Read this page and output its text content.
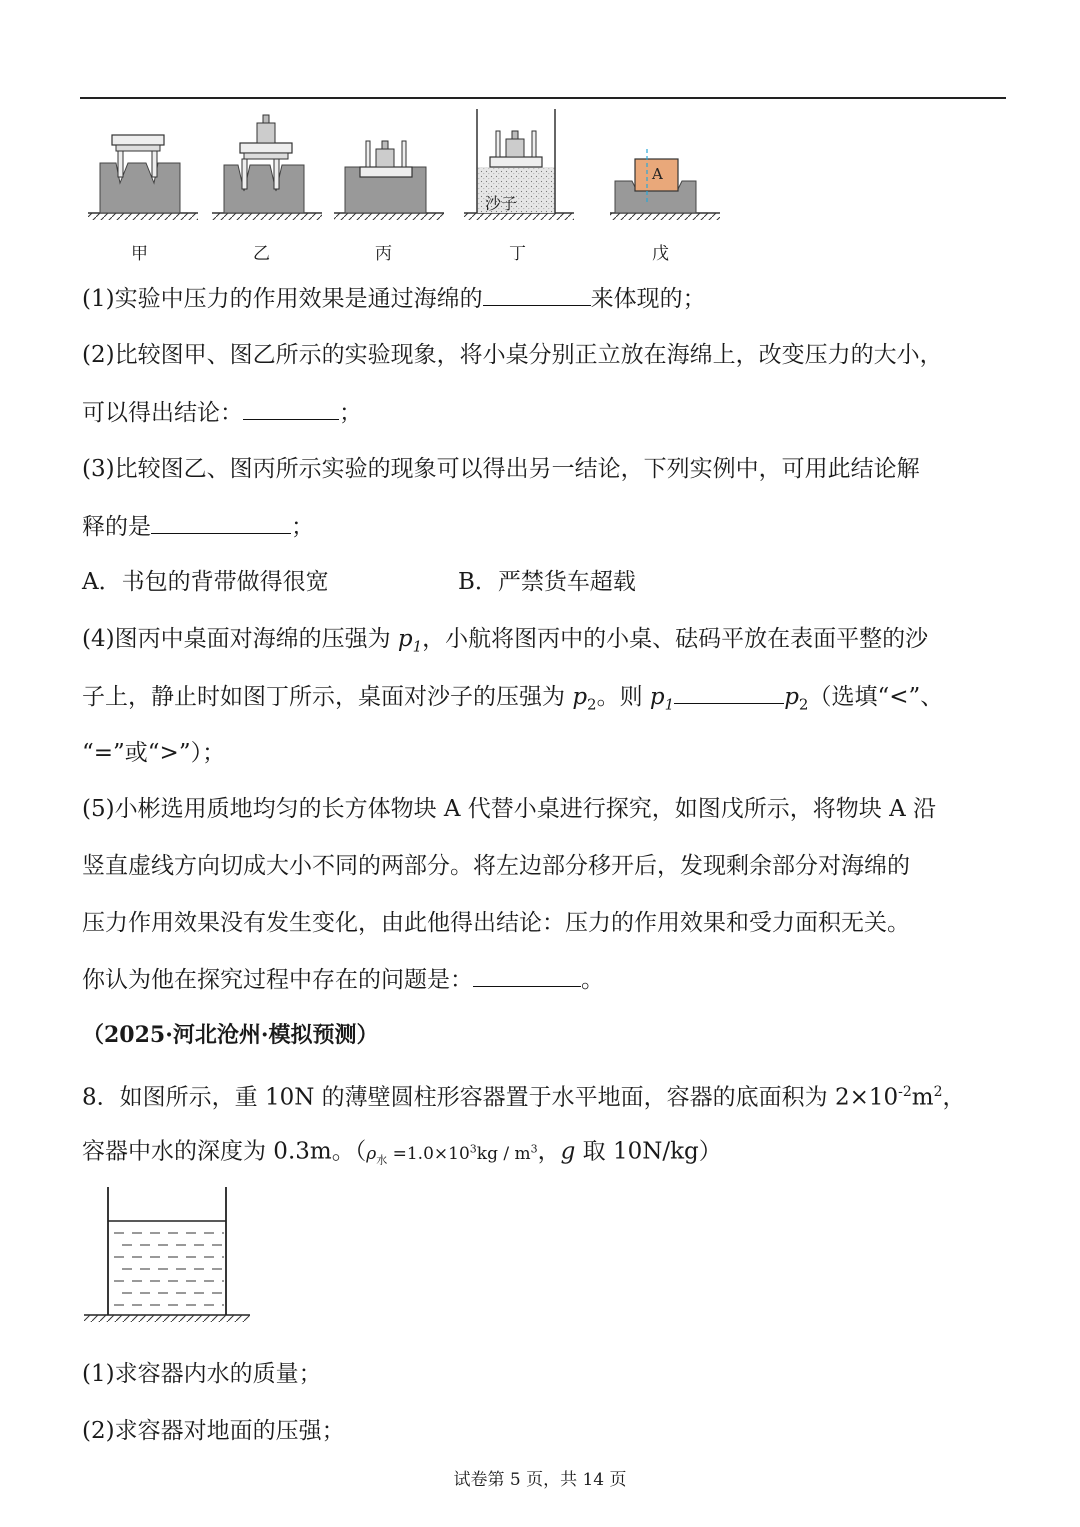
沙子
A
甲	乙	丙	丁	戊
(1)实验中压力的作用效果是通过海绵的	来体现的；
(2)比较图甲、图乙所示的实验现象，将小桌分别正立放在海绵上，改变压力的大小，
可以得出结论：	；
(3)比较图乙、图丙所示实验的现象可以得出另一结论，下列实例中，可用此结论解
释的是	；
A．书包的背带做得很宽	B．严禁货车超载
(4)图丙中桌面对海绵的压强为 $p_1$，小航将图丙中的小桌、砝码平放在表面平整的沙
子上，静止时如图丁所示，桌面对沙子的压强为 $p_2$。则 $p_1$	$p_2$（选填“<”、
“=”或“>”）；
(5)小彬选用质地均匀的长方体物块 A 代替小桌进行探究，如图戊所示，将物块 A 沿
竖直虚线方向切成大小不同的两部分。将左边部分移开后，发现剩余部分对海绵的
压力作用效果没有发生变化，由此他得出结论：压力的作用效果和受力面积无关。
你认为他在探究过程中存在的问题是：	。
（2025·河北沧州·模拟预测）
8．如图所示，重 10N 的薄壁圆柱形容器置于水平地面，容器的底面积为 $2\times 10^{-2}m^2$，
容器中水的深度为 0.3m。（$\rho_水 =1.0\times 10^3kg / m^3$，g 取 10N/kg）
(1)求容器内水的质量；
(2)求容器对地面的压强；
试卷第 5 页，共 14 页
